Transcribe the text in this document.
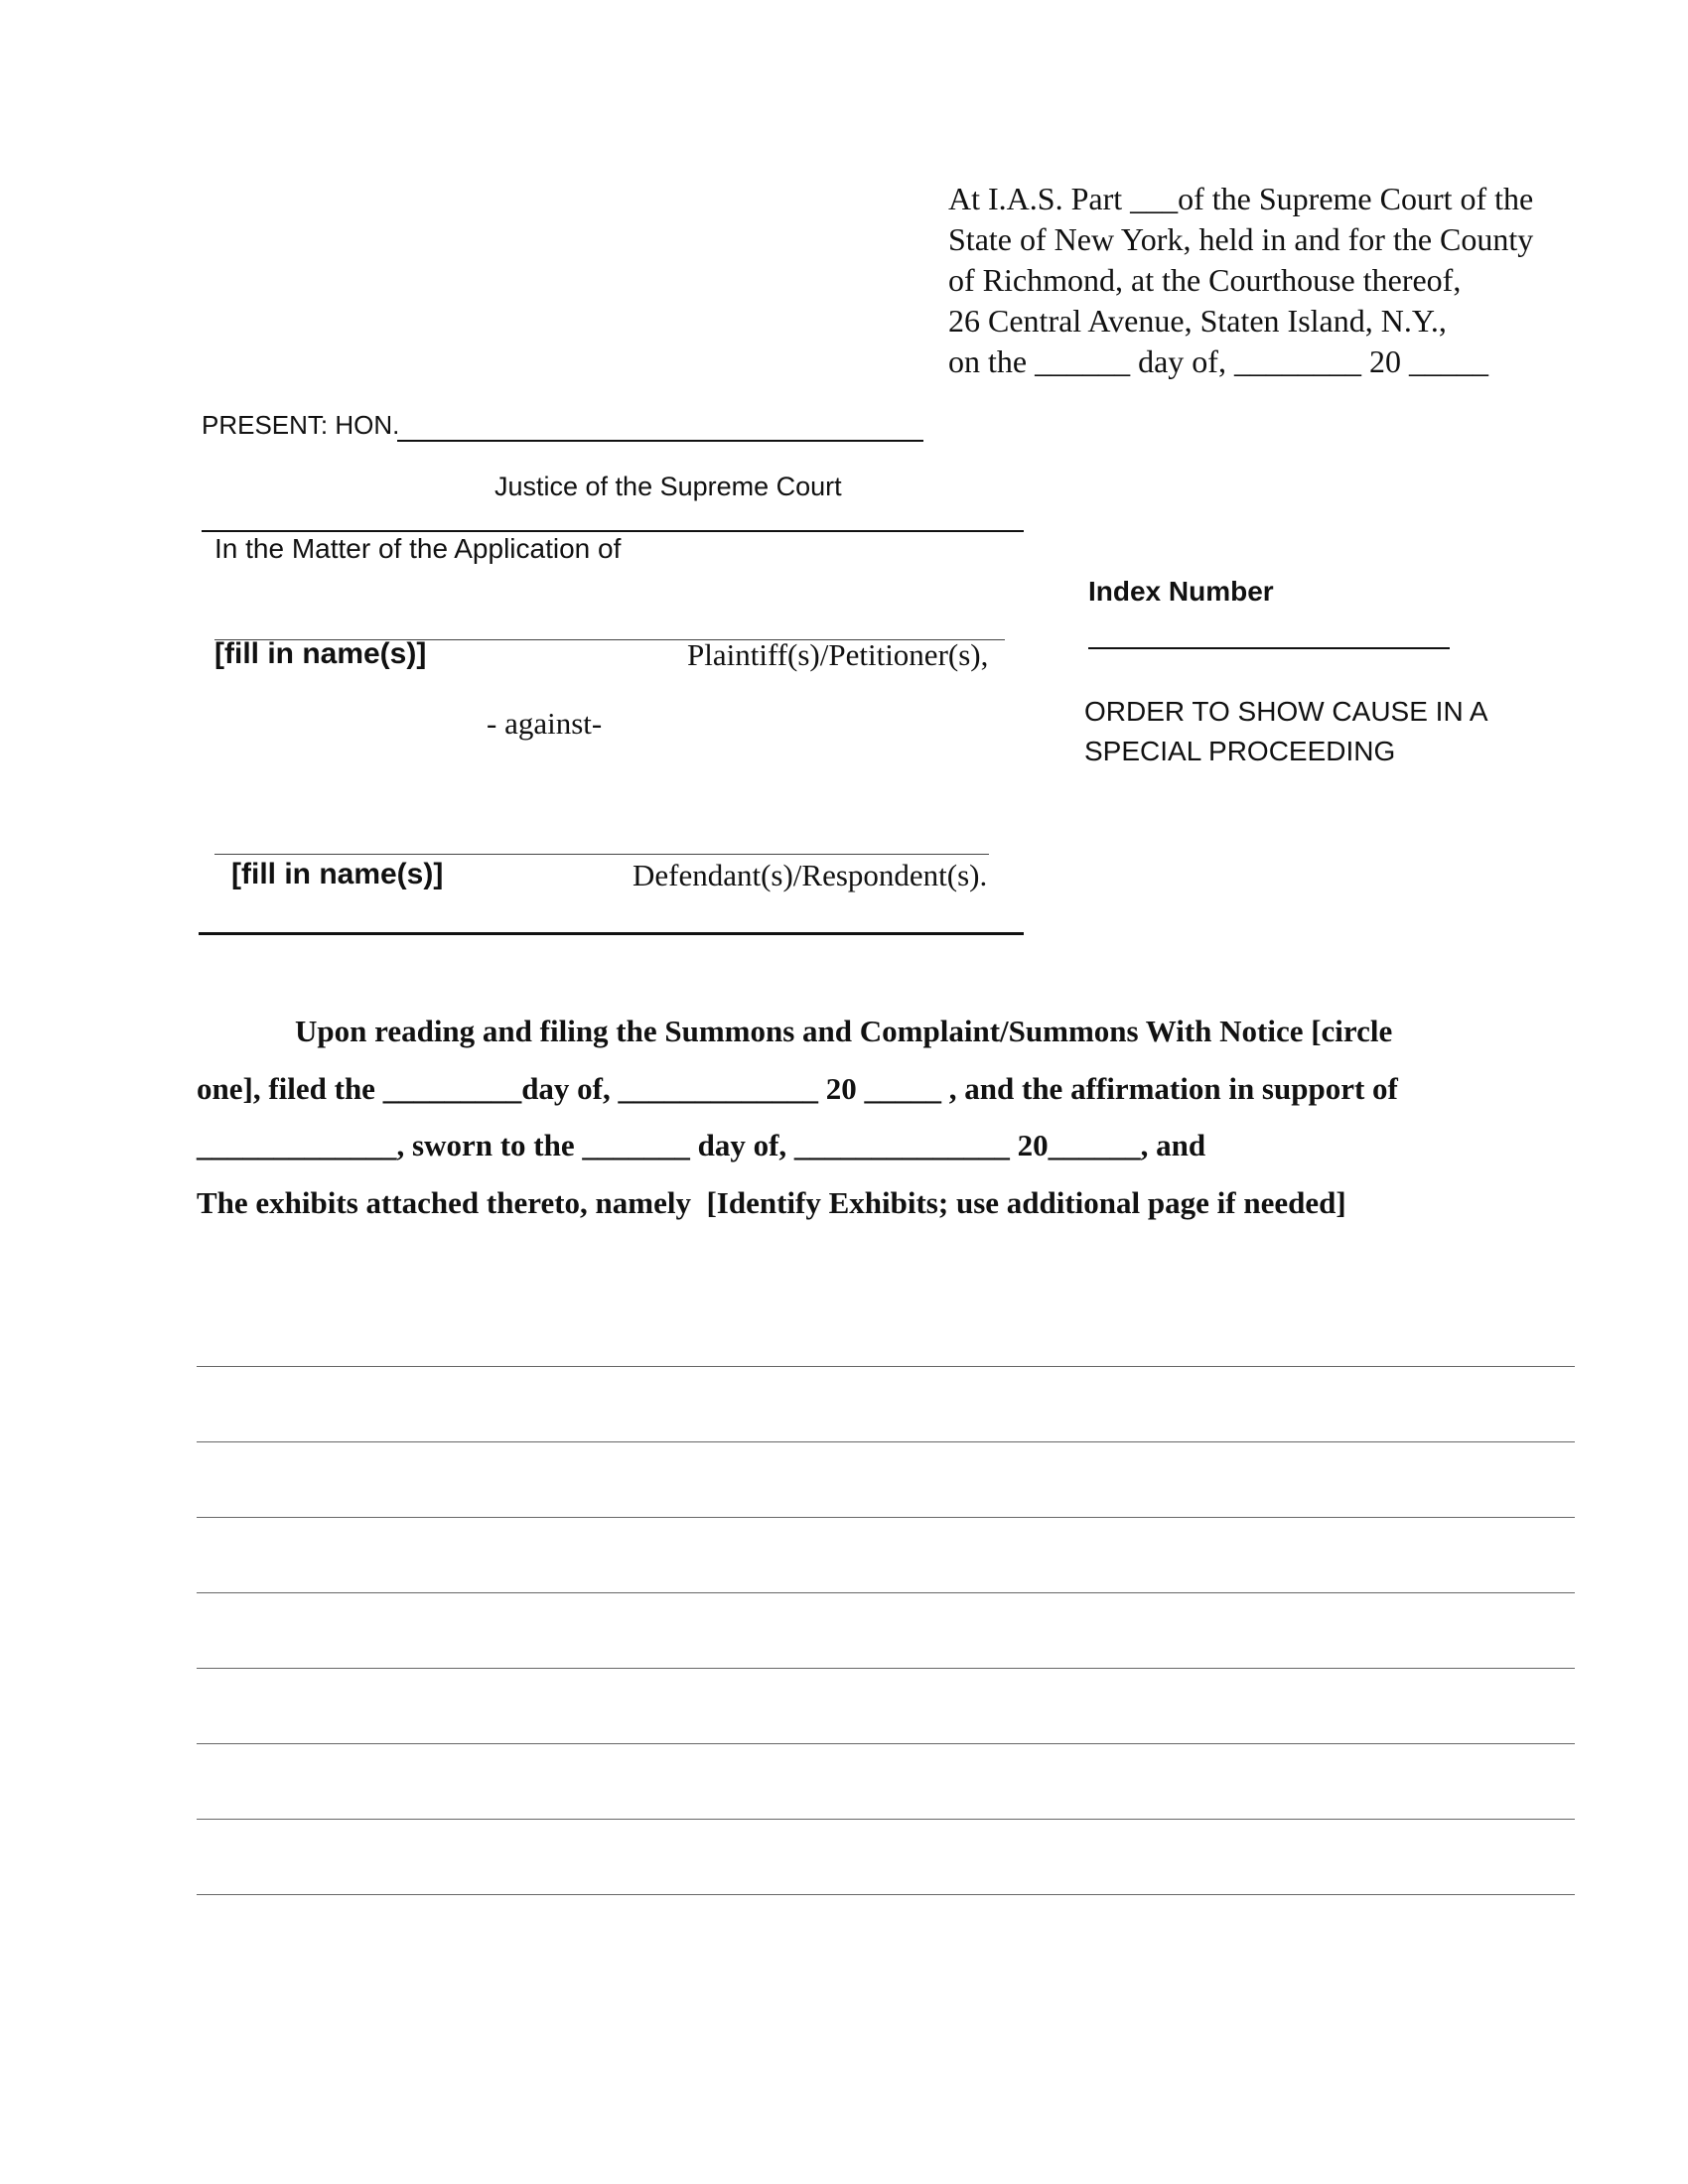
At I.A.S. Part ___of the Supreme Court of the
State of New York, held in and for the County
of Richmond, at the Courthouse thereof,
26 Central Avenue, Staten Island, N.Y.,
on the ______ day of, ________ 20 _____
PRESENT: HON.
Justice of the Supreme Court
In the Matter of the Application of
[fill in name(s)]	Plaintiff(s)/Petitioner(s),
- against-
[fill in name(s)]	Defendant(s)/Respondent(s).
Index Number
ORDER TO SHOW CAUSE IN A
SPECIAL PROCEEDING
Upon reading and filing the Summons and Complaint/Summons With Notice [circle
one], filed the _________day of, _____________ 20 _____ , and the affirmation in support of
_____________, sworn to the _______ day of, ______________ 20______, and
The exhibits attached thereto, namely  [Identify Exhibits; use additional page if needed]
